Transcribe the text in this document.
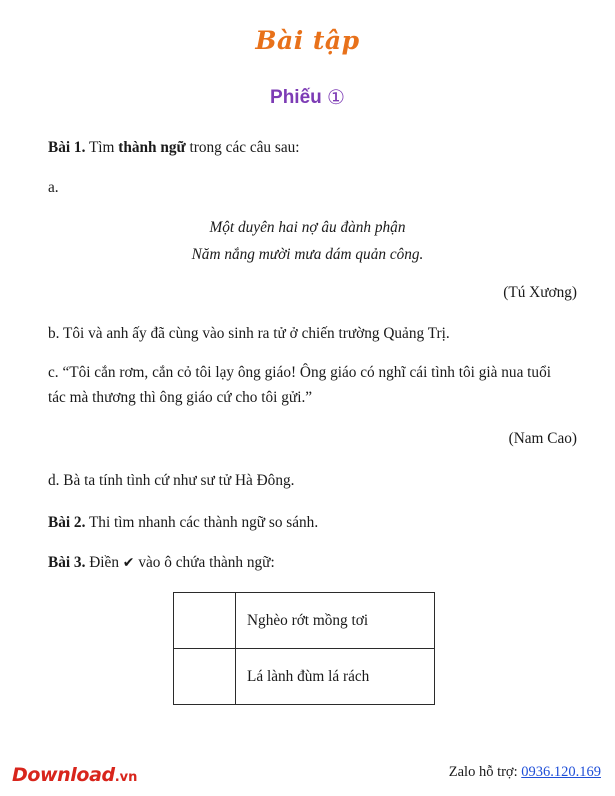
Bài tập
Phiếu ①
Bài 1. Tìm thành ngữ trong các câu sau:
a.
Một duyên hai nợ âu đành phận
Năm nắng mười mưa dám quản công.
(Tú Xương)
b. Tôi và anh ấy đã cùng vào sinh ra tử ở chiến trường Quảng Trị.
c. “Tôi cắn rơm, cắn cỏ tôi lạy ông giáo! Ông giáo có nghĩ cái tình tôi già nua tuổi
tác mà thương thì ông giáo cứ cho tôi gửi.”
(Nam Cao)
d. Bà ta tính tình cứ như sư tử Hà Đông.
Bài 2. Thi tìm nhanh các thành ngữ so sánh.
Bài 3. Điền ✔ vào ô chứa thành ngữ:
	Nghèo rớt mồng tơi
	Lá lành đùm lá rách
Download.vn	Zalo hỗ trợ: 0936.120.169
